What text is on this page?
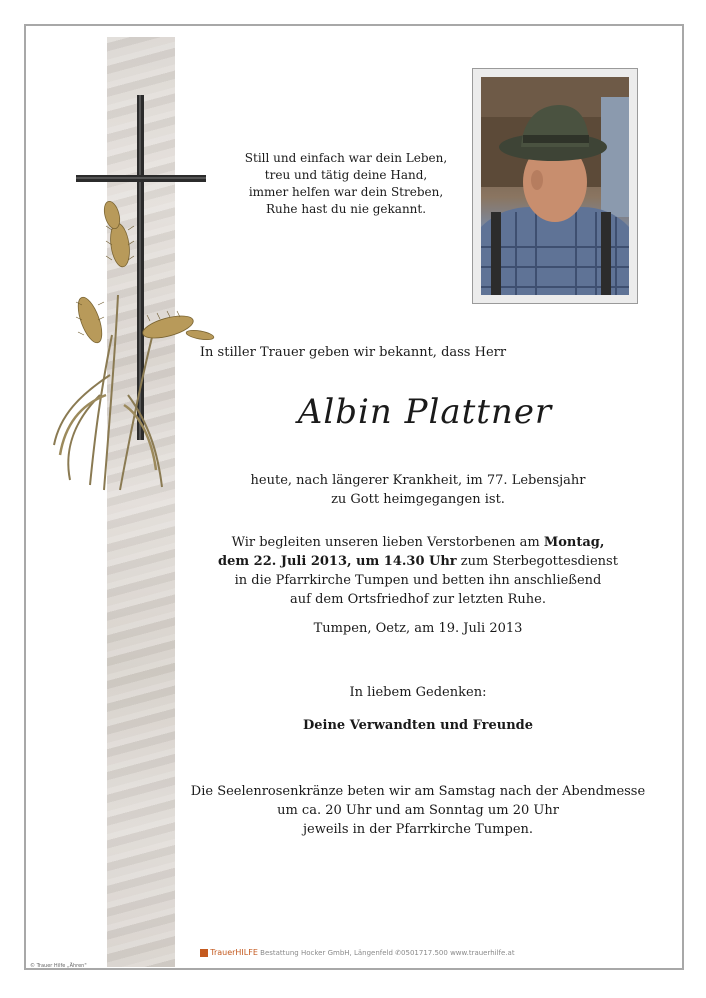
Still und einfach war dein Leben,
treu und tätig deine Hand,
immer helfen war dein Streben,
Ruhe hast du nie gekannt.
In stiller Trauer geben wir bekannt, dass Herr
Albin Plattner
heute, nach längerer Krankheit, im 77. Lebensjahr
zu Gott heimgegangen ist.
Wir begleiten unseren lieben Verstorbenen am Montag,
dem 22. Juli 2013, um 14.30 Uhr zum Sterbegottesdienst
in die Pfarrkirche Tumpen und betten ihn anschließend
auf dem Ortsfriedhof zur letzten Ruhe.
Tumpen, Oetz, am 19. Juli 2013
In liebem Gedenken:
Deine Verwandten und Freunde
Die Seelenrosenkränze beten wir am Samstag nach der Abendmesse
um ca. 20 Uhr und am Sonntag um 20 Uhr
jeweils in der Pfarrkirche Tumpen.
TrauerHILFE Bestattung Hocker GmbH, Längenfeld ✆0501717.500 www.trauerhilfe.at
© Trauer Hilfe „Ähren"
